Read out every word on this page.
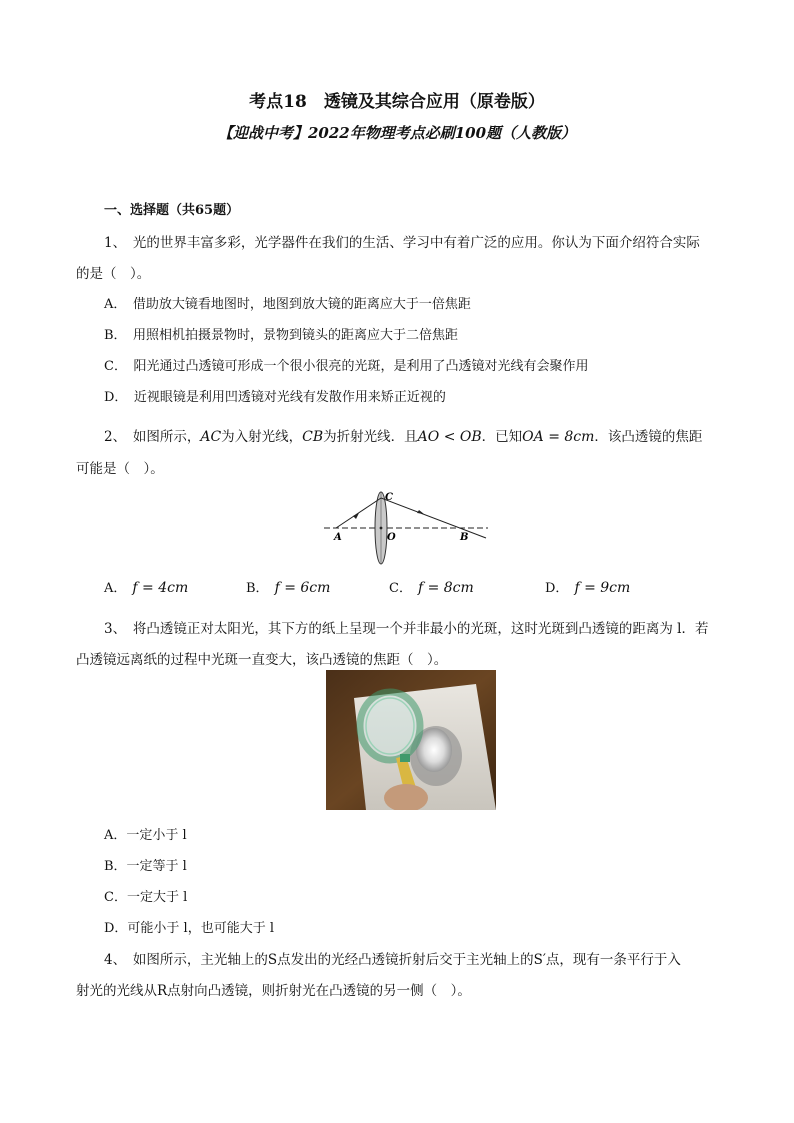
考点18　透镜及其综合应用（原卷版）
【迎战中考】2022年物理考点必刷100题（人教版）
一、选择题（共65题）
1、　光的世界丰富多彩，光学器件在我们的生活、学习中有着广泛的应用。你认为下面介绍符合实际
的是（　）。
A．　借助放大镜看地图时，地图到放大镜的距离应大于一倍焦距
B．　用照相机拍摄景物时，景物到镜头的距离应大于二倍焦距
C．　阳光通过凸透镜可形成一个很小很亮的光斑，是利用了凸透镜对光线有会聚作用
D．　近视眼镜是利用凹透镜对光线有发散作用来矫正近视的
2、　如图所示，AC为入射光线，CB为折射光线．且AO < OB．已知OA = 8cm．该凸透镜的焦距
可能是（　）。
A	O	B
C
A． f = 4cm	B． f = 6cm	C． f = 8cm	D． f = 9cm
3、　将凸透镜正对太阳光，其下方的纸上呈现一个并非最小的光斑，这时光斑到凸透镜的距离为 l．若
凸透镜远离纸的过程中光斑一直变大，该凸透镜的焦距（　）。
A．一定小于 l
B．一定等于 l
C．一定大于 l
D．可能小于 l，也可能大于 l
4、　如图所示，主光轴上的S点发出的光经凸透镜折射后交于主光轴上的S′点，现有一条平行于入
射光的光线从R点射向凸透镜，则折射光在凸透镜的另一侧（　）。
